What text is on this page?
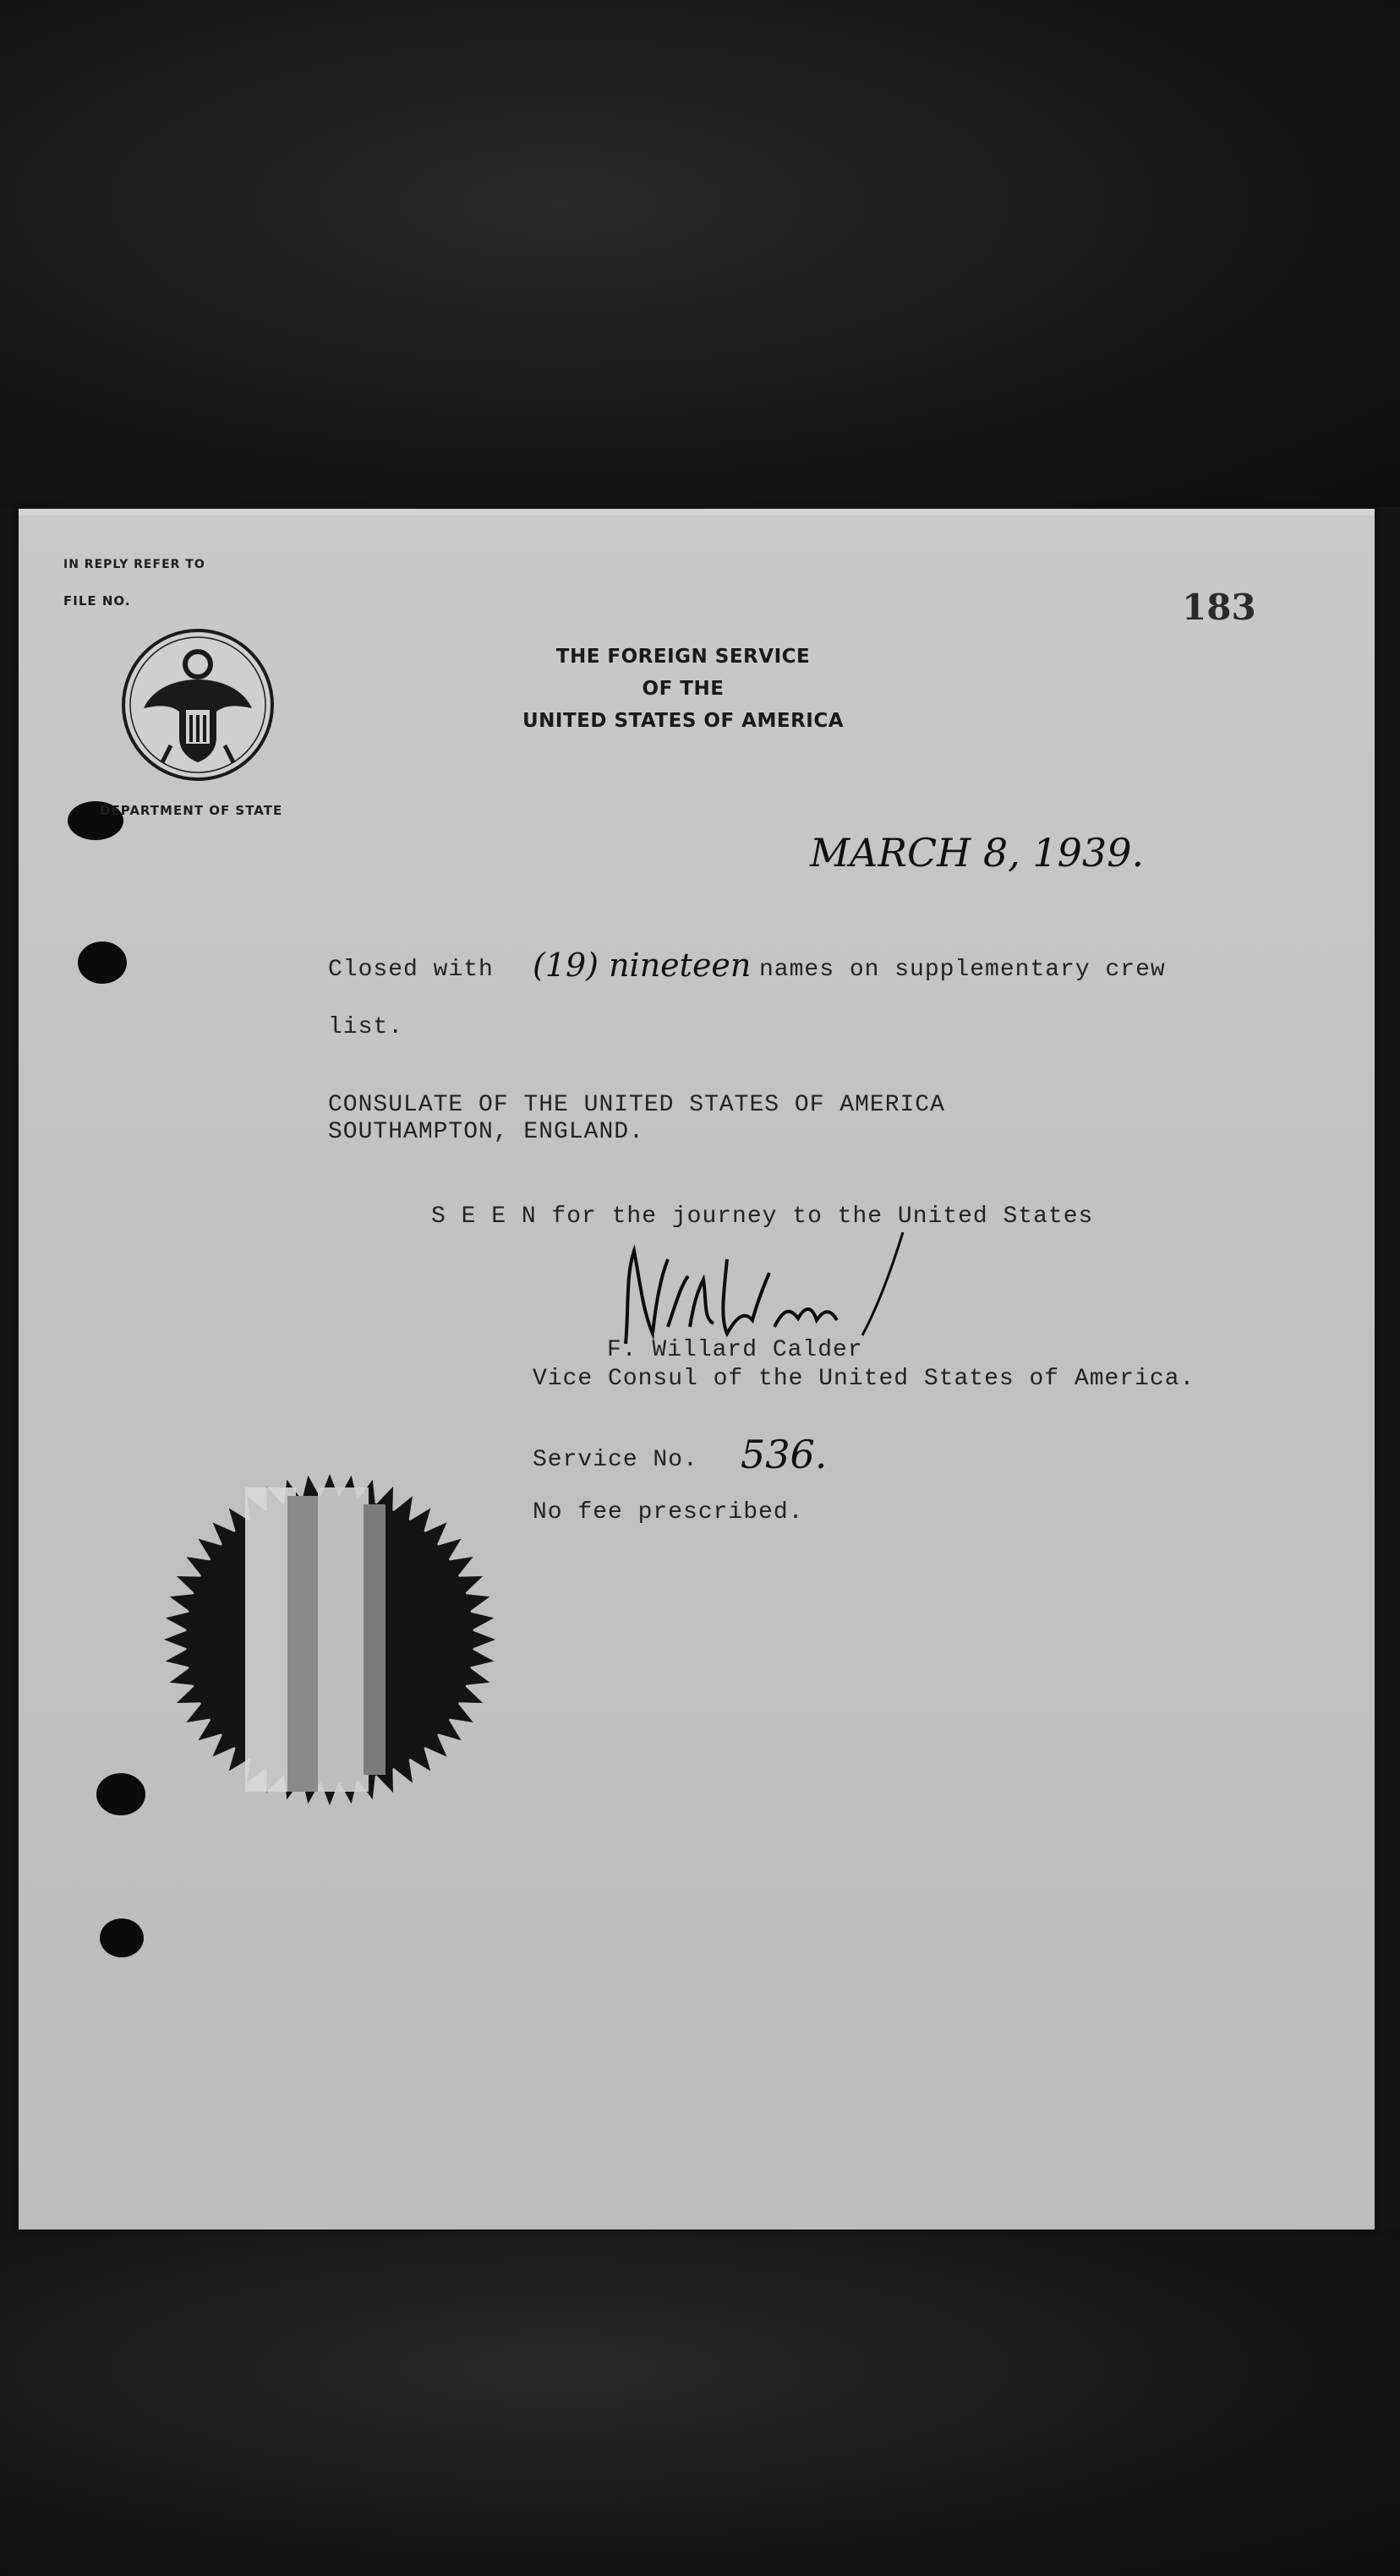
IN REPLY REFER TO
FILE NO.
DEPARTMENT OF STATE
THE FOREIGN SERVICE
OF THE
UNITED STATES OF AMERICA
183
MARCH 8, 1939.
Closed with (19) nineteen names on supplementary crew
list.
CONSULATE OF THE UNITED STATES OF AMERICA
SOUTHAMPTON, ENGLAND.
S E E N for the journey to the United States
F. Willard Calder
Vice Consul of the United States of America.
Service No. 536.
No fee prescribed.
